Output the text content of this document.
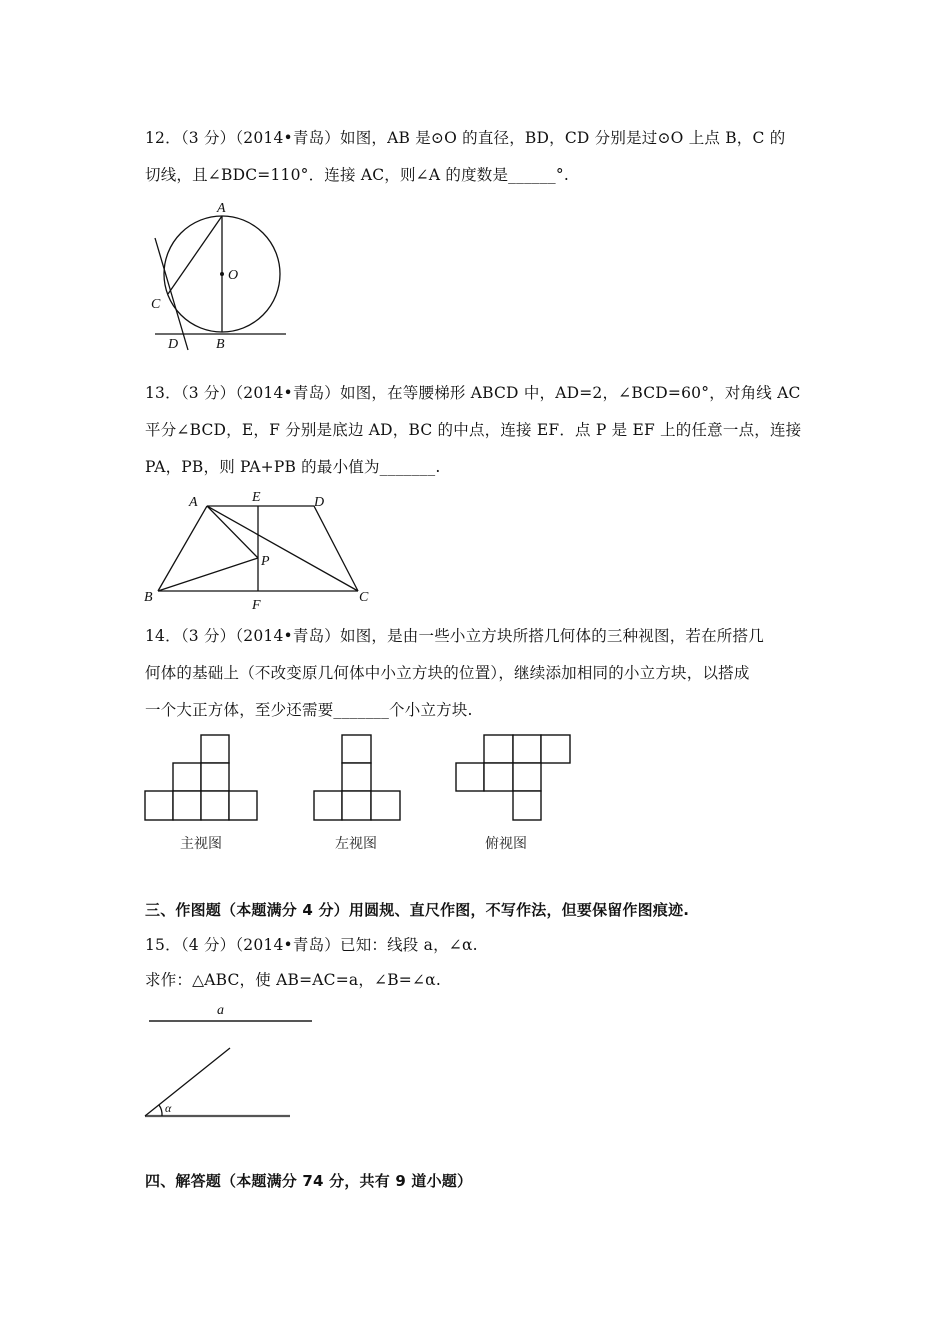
12．（3 分）（2014•青岛）如图，AB 是⊙O 的直径，BD，CD 分别是过⊙O 上点 B，C 的
切线，且∠BDC=110°．连接 AC，则∠A 的度数是______°.
A
O
C
D	B
13．（3 分）（2014•青岛）如图，在等腰梯形 ABCD 中，AD=2，∠BCD=60°，对角线 AC
平分∠BCD，E，F 分别是底边 AD，BC 的中点，连接 EF．点 P 是 EF 上的任意一点，连接
PA，PB，则 PA+PB 的最小值为_______.
A	E	D
P
B
F
C
14．（3 分）（2014•青岛）如图，是由一些小立方块所搭几何体的三种视图，若在所搭几
何体的基础上（不改变原几何体中小立方块的位置），继续添加相同的小立方块，以搭成
一个大正方体，至少还需要_______个小立方块.
主视图	左视图	俯视图
三、作图题（本题满分 4 分）用圆规、直尺作图，不写作法，但要保留作图痕迹.
15．（4 分）（2014•青岛）已知：线段 a，∠α.
求作：△ABC，使 AB=AC=a，∠B=∠α.
a
α
四、解答题（本题满分 74 分，共有 9 道小题）
